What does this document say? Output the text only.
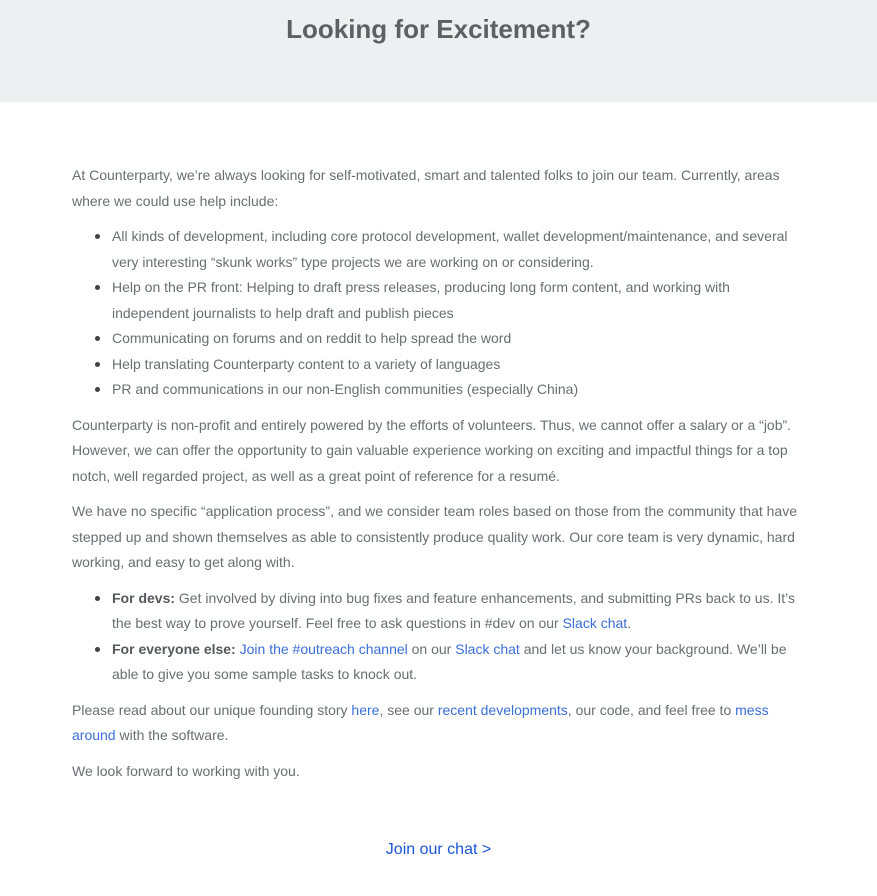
Looking for Excitement?

At Counterparty, we’re always looking for self-motivated, smart and talented folks to join our team. Currently, areas where we could use help include:

All kinds of development, including core protocol development, wallet development/maintenance, and several very interesting “skunk works” type projects we are working on or considering.
Help on the PR front: Helping to draft press releases, producing long form content, and working with independent journalists to help draft and publish pieces
Communicating on forums and on reddit to help spread the word
Help translating Counterparty content to a variety of languages
PR and communications in our non-English communities (especially China)

Counterparty is non-profit and entirely powered by the efforts of volunteers. Thus, we cannot offer a salary or a “job”. However, we can offer the opportunity to gain valuable experience working on exciting and impactful things for a top notch, well regarded project, as well as a great point of reference for a resumé.

We have no specific “application process”, and we consider team roles based on those from the community that have stepped up and shown themselves as able to consistently produce quality work. Our core team is very dynamic, hard working, and easy to get along with.

For devs: Get involved by diving into bug fixes and feature enhancements, and submitting PRs back to us. It’s the best way to prove yourself. Feel free to ask questions in #dev on our Slack chat.
For everyone else: Join the #outreach channel on our Slack chat and let us know your background. We’ll be able to give you some sample tasks to knock out.

Please read about our unique founding story here, see our recent developments, our code, and feel free to mess around with the software.

We look forward to working with you.

Join our chat >
